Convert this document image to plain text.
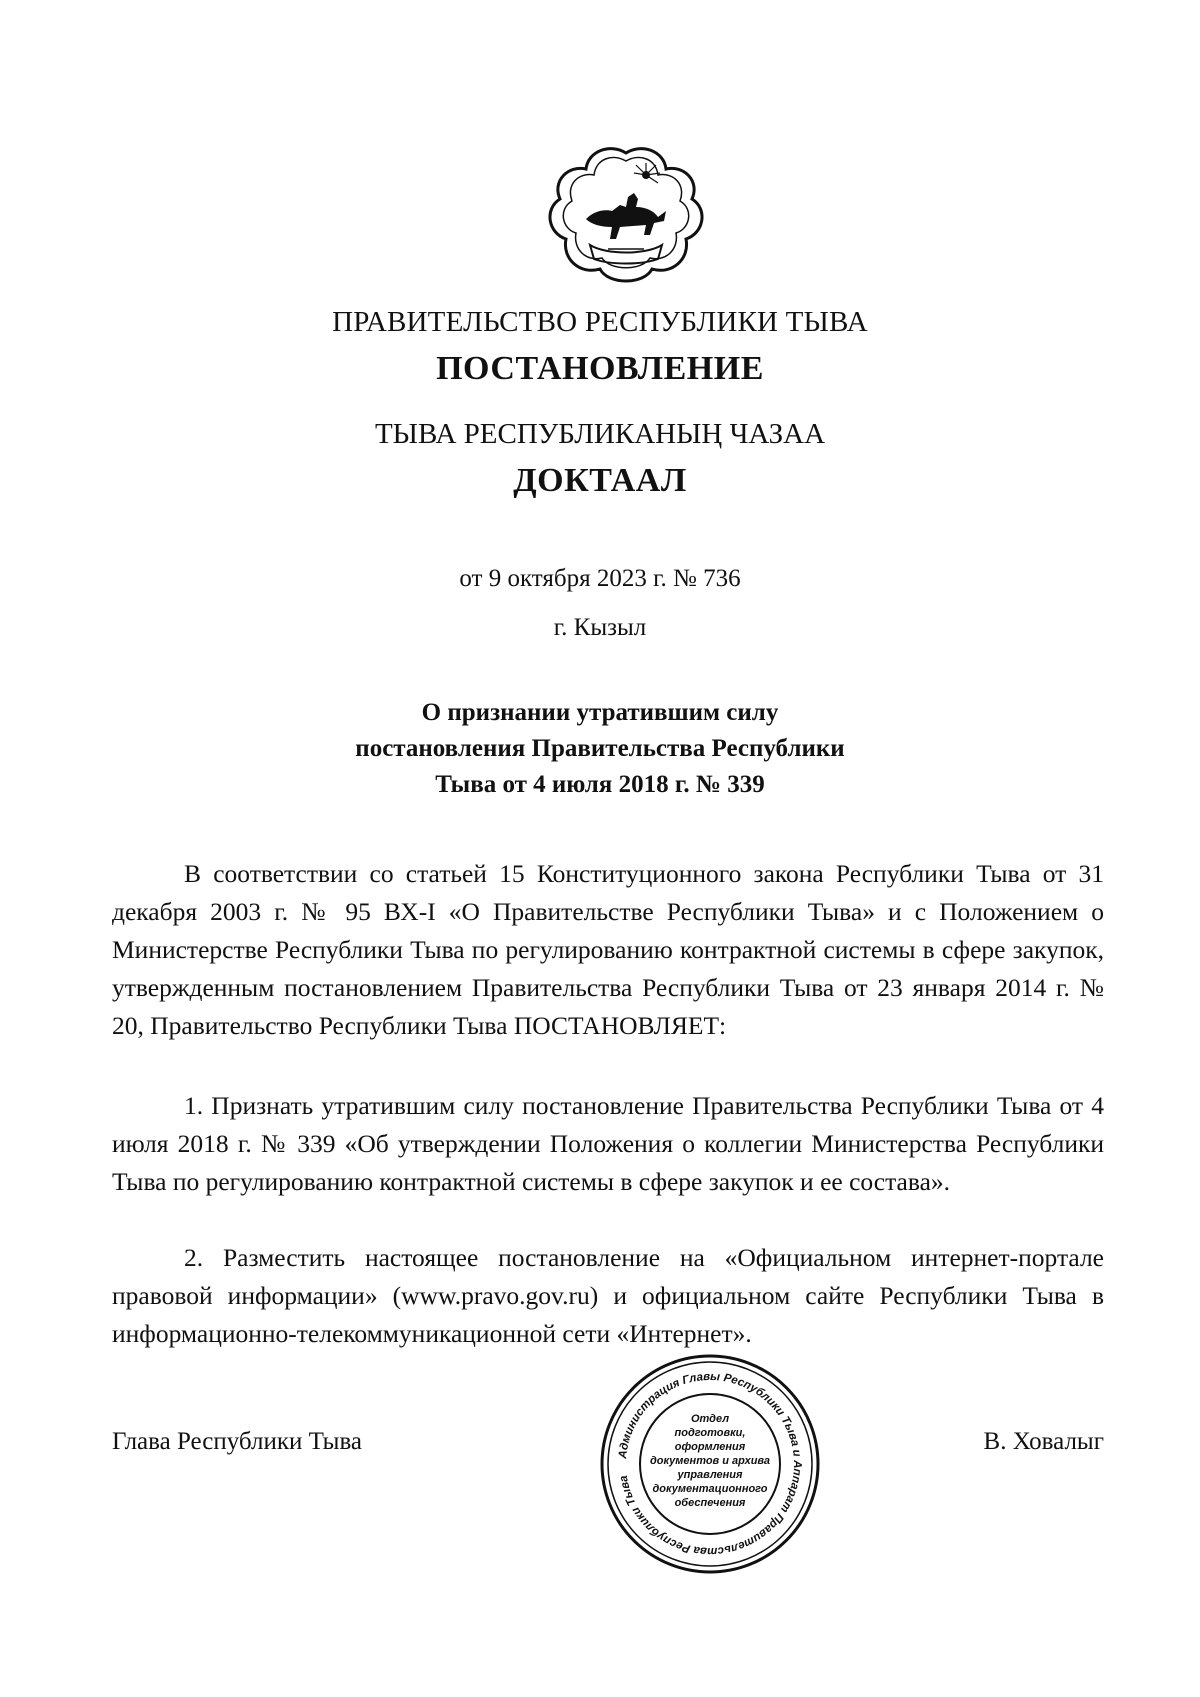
ПРАВИТЕЛЬСТВО РЕСПУБЛИКИ ТЫВА
ПОСТАНОВЛЕНИЕ
ТЫВА РЕСПУБЛИКАНЫҢ ЧАЗАА
ДОКТААЛ
от 9 октября 2023 г. № 736
г. Кызыл
О признании утратившим силу
постановления Правительства Республики
Тыва от 4 июля 2018 г. № 339

В соответствии со статьей 15 Конституционного закона Республики Тыва от 31 декабря 2003 г. № 95 ВХ-I «О Правительстве Республики Тыва» и с Положением о Министерстве Республики Тыва по регулированию контрактной системы в сфере закупок, утвержденным постановлением Правительства Республики Тыва от 23 января 2014 г. № 20, Правительство Республики Тыва ПОСТАНОВЛЯЕТ:

1. Признать утратившим силу постановление Правительства Республики Тыва от 4 июля 2018 г. № 339 «Об утверждении Положения о коллегии Министерства Республики Тыва по регулированию контрактной системы в сфере закупок и ее состава».

2. Разместить настоящее постановление на «Официальном интернет-портале правовой информации» (www.pravo.gov.ru) и официальном сайте Республики Тыва в информационно-телекоммуникационной сети «Интернет».

Глава Республики Тыва	В. Ховалыг
Администрация Главы Республики Тыва и Аппарат Правительства Республики Тыва
Отдел
подготовки,
оформления
документов и архива
управления
документационного
обеспечения
